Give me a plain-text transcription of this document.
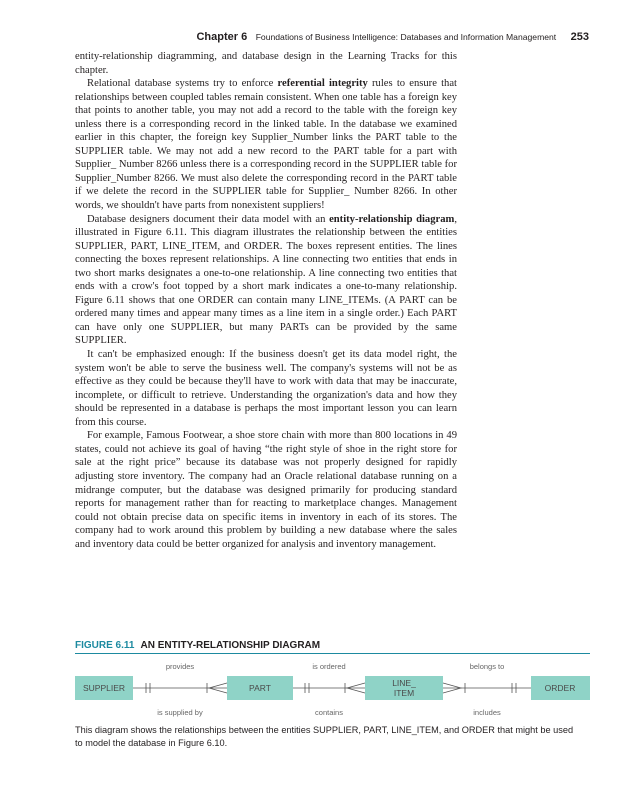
Chapter 6 Foundations of Business Intelligence: Databases and Information Management 253

entity-relationship diagramming, and database design in the Learning Tracks for this chapter.

Relational database systems try to enforce referential integrity rules to ensure that relationships between coupled tables remain consistent. When one table has a foreign key that points to another table, you may not add a record to the table with the foreign key unless there is a corresponding record in the linked table. In the database we examined earlier in this chapter, the foreign key Supplier_Number links the PART table to the SUPPLIER table. We may not add a new record to the PART table for a part with Supplier_ Number 8266 unless there is a corresponding record in the SUPPLIER table for Supplier_Number 8266. We must also delete the corresponding record in the PART table if we delete the record in the SUPPLIER table for Supplier_ Number 8266. In other words, we shouldn't have parts from nonexistent suppliers!

Database designers document their data model with an entity-relationship diagram, illustrated in Figure 6.11. This diagram illustrates the relationship between the entities SUPPLIER, PART, LINE_ITEM, and ORDER. The boxes represent entities. The lines connecting the boxes represent relationships. A line connecting two entities that ends in two short marks designates a one-to-one relationship. A line connecting two entities that ends with a crow's foot topped by a short mark indicates a one-to-many relationship. Figure 6.11 shows that one ORDER can contain many LINE_ITEMs. (A PART can be ordered many times and appear many times as a line item in a single order.) Each PART can have only one SUPPLIER, but many PARTs can be provided by the same SUPPLIER.

It can't be emphasized enough: If the business doesn't get its data model right, the system won't be able to serve the business well. The company's systems will not be as effective as they could be because they'll have to work with data that may be inaccurate, incomplete, or difficult to retrieve. Understanding the organization's data and how they should be represented in a database is perhaps the most important lesson you can learn from this course.

For example, Famous Footwear, a shoe store chain with more than 800 locations in 49 states, could not achieve its goal of having “the right style of shoe in the right store for sale at the right price” because its database was not properly designed for rapidly adjusting store inventory. The company had an Oracle relational database running on a midrange computer, but the database was designed primarily for producing standard reports for management rather than for reacting to marketplace changes. Management could not obtain precise data on specific items in inventory in each of its stores. The company had to work around this problem by building a new database where the sales and inventory data could be better organized for analysis and inventory management.

FIGURE 6.11 AN ENTITY-RELATIONSHIP DIAGRAM
SUPPLIER	PART	LINE_
ITEM	ORDER
provides	is ordered	belongs to
is supplied by	contains	includes
This diagram shows the relationships between the entities SUPPLIER, PART, LINE_ITEM, and ORDER that might be used to model the database in Figure 6.10.
